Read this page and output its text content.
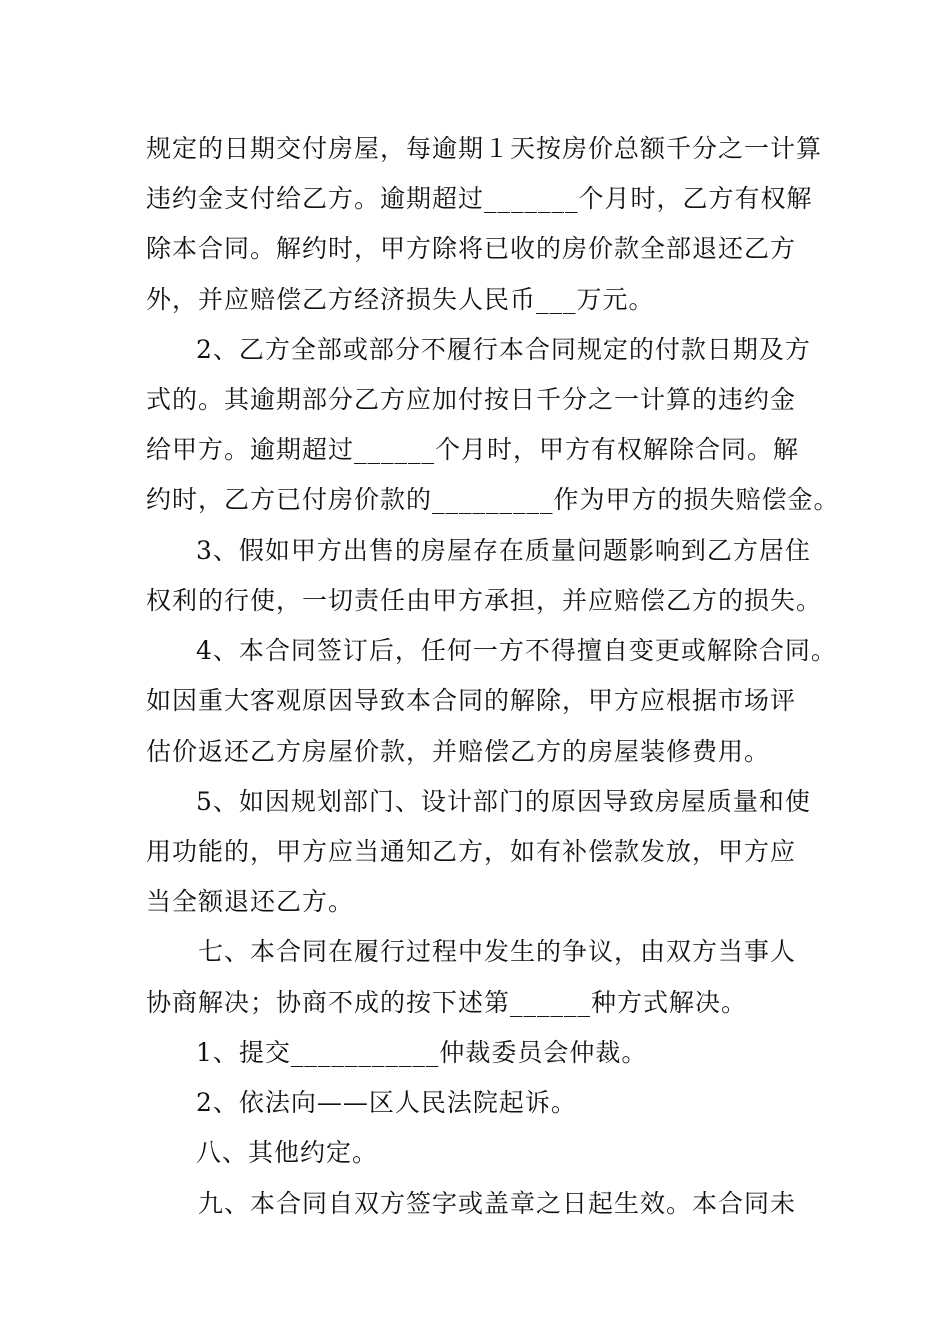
规定的日期交付房屋，每逾期１天按房价总额千分之一计算
违约金支付给乙方。逾期超过_______个月时，乙方有权解
除本合同。解约时，甲方除将已收的房价款全部退还乙方
外，并应赔偿乙方经济损失人民币___万元。
2、乙方全部或部分不履行本合同规定的付款日期及方
式的。其逾期部分乙方应加付按日千分之一计算的违约金
给甲方。逾期超过______个月时，甲方有权解除合同。解
约时，乙方已付房价款的_________作为甲方的损失赔偿金。
3、假如甲方出售的房屋存在质量问题影响到乙方居住
权利的行使，一切责任由甲方承担，并应赔偿乙方的损失。
4、本合同签订后，任何一方不得擅自变更或解除合同。
如因重大客观原因导致本合同的解除，甲方应根据市场评
估价返还乙方房屋价款，并赔偿乙方的房屋装修费用。
5、如因规划部门、设计部门的原因导致房屋质量和使
用功能的，甲方应当通知乙方，如有补偿款发放，甲方应
当全额退还乙方。
七、本合同在履行过程中发生的争议，由双方当事人
协商解决；协商不成的按下述第______种方式解决。
1、提交___________仲裁委员会仲裁。
2、依法向——区人民法院起诉。
八、其他约定。
九、本合同自双方签字或盖章之日起生效。本合同未
